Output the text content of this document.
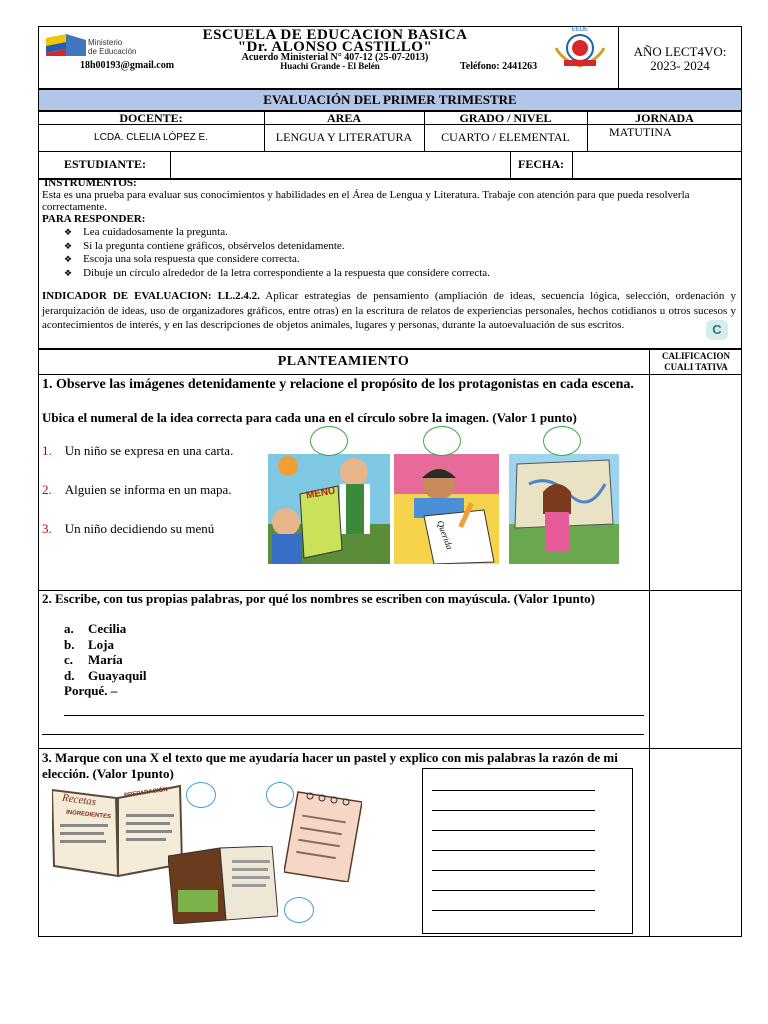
Ministerio
de Educación
18h00193@gmail.com
ESCUELA DE EDUCACION BASICA
"Dr. ALONSO CASTILLO"
Acuerdo Ministerial N° 407-12 (25-07-2013)
Huachi Grande - El Belén	Teléfono: 2441263
EEDE
AÑO LECT4VO:
2023- 2024
EVALUACIÓN DEL PRIMER TRIMESTRE
DOCENTE:	AREA	GRADO / NIVEL	JORNADA
LCDA. CLELIA LÓPEZ E.	LENGUA Y LITERATURA	CUARTO / ELEMENTAL	MATUTINA
ESTUDIANTE:	FECHA:
INSTRUMENTOS:
Esta es una prueba para evaluar sus conocimientos y habilidades en el Área de Lengua y Literatura. Trabaje con atención para que pueda resolverla correctamente.
PARA RESPONDER:
❖ Lea cuidadosamente la pregunta.
❖ Si la pregunta contiene gráficos, obsérvelos detenidamente.
❖ Escoja una sola respuesta que considere correcta.
❖ Dibuje un círculo alrededor de la letra correspondiente a la respuesta que considere correcta.
INDICADOR DE EVALUACION: LL.2.4.2. Aplicar estrategias de pensamiento (ampliación de ideas, secuencia lógica, selección, ordenación y jerarquización de ideas, uso de organizadores gráficos, entre otras) en la escritura de relatos de experiencias personales, hechos cotidianos u otros sucesos y acontecimientos de interés, y en las descripciones de objetos animales, lugares y personas, durante la autoevaluación de sus escritos.	C
PLANTEAMIENTO	CALIFICACION
CUALI TATIVA
1. Observe las imágenes detenidamente y relacione el propósito de los protagonistas en cada escena.
Ubica el numeral de la idea correcta para cada una en el círculo sobre la imagen. (Valor 1 punto)
1. Un niño se expresa en una carta.
2. Alguien se informa en un mapa.
3. Un niño decidiendo su menú
MENU
Querida
2. Escribe, con tus propias palabras, por qué los nombres se escriben con mayúscula. (Valor 1punto)
a. Cecilia
b. Loja
c. María
d. Guayaquil
Porqué. –
3. Marque con una X el texto que me ayudaría hacer un pastel y explico con mis palabras la razón de mi elección. (Valor 1punto)
Recetas	PREPARACIÓN
INGREDIENTES
